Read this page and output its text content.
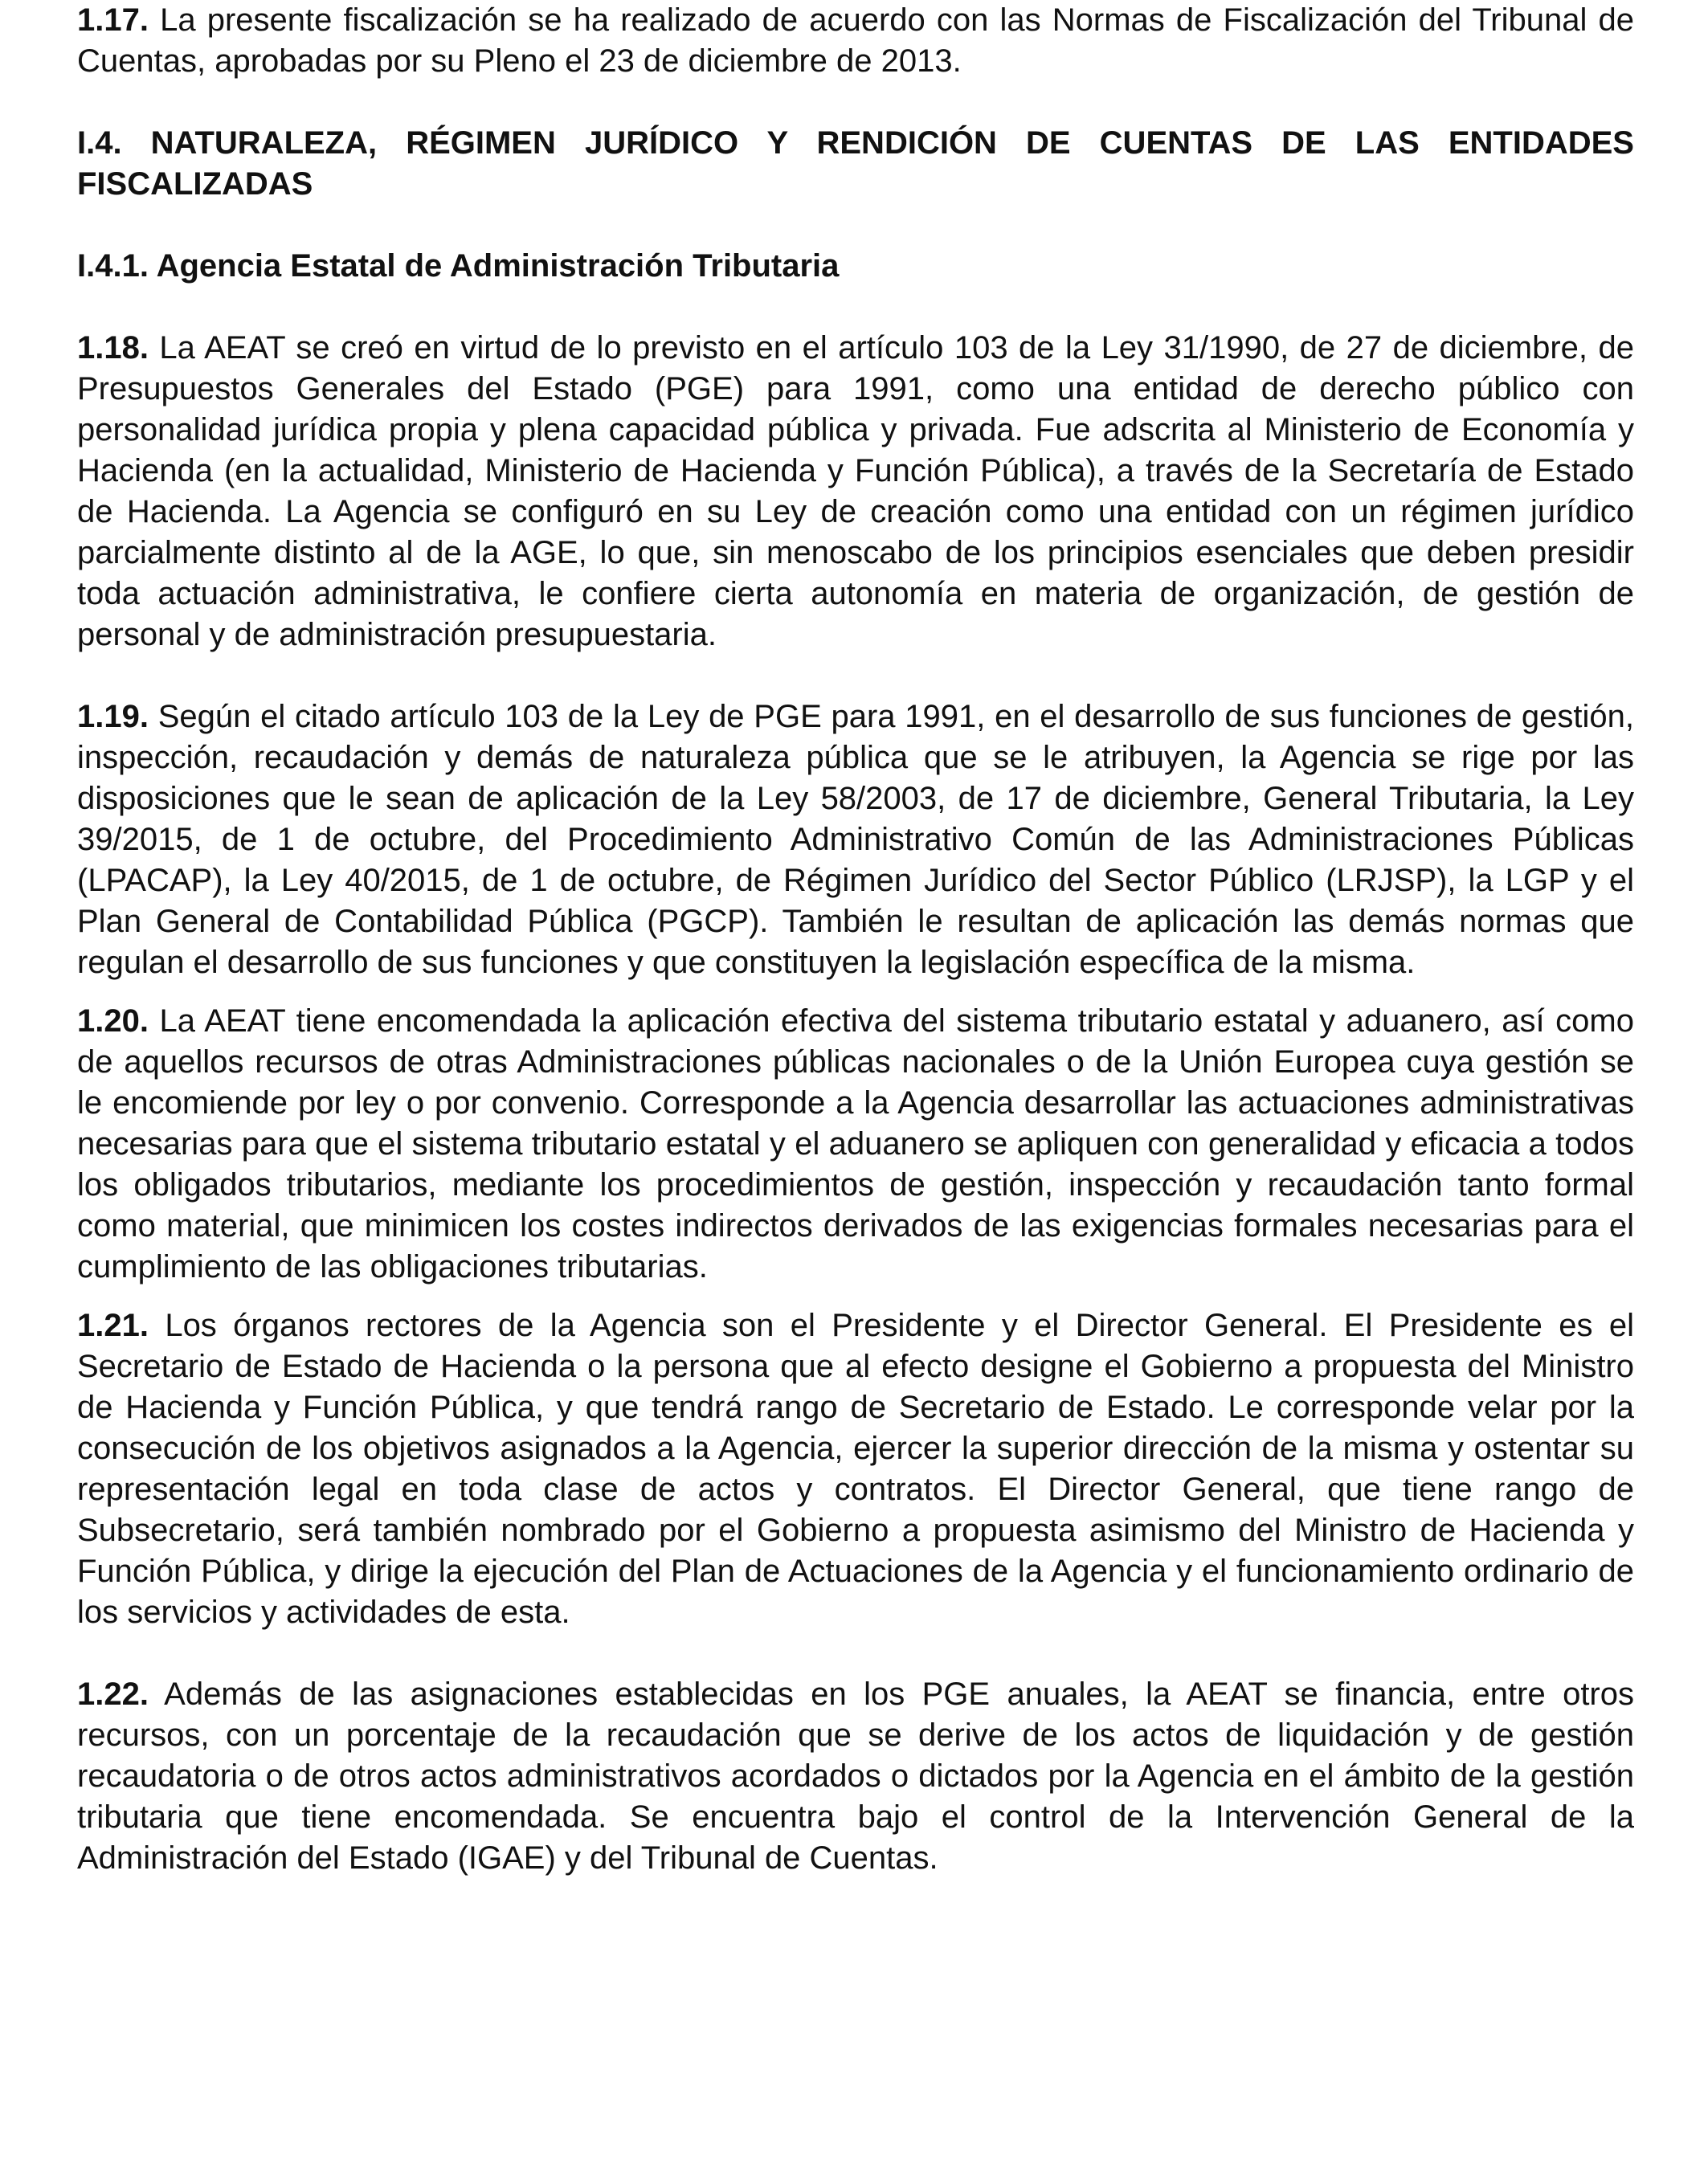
1.17. La presente fiscalización se ha realizado de acuerdo con las Normas de Fiscalización del Tribunal de Cuentas, aprobadas por su Pleno el 23 de diciembre de 2013.

I.4. NATURALEZA, RÉGIMEN JURÍDICO Y RENDICIÓN DE CUENTAS DE LAS ENTIDADES FISCALIZADAS

I.4.1. Agencia Estatal de Administración Tributaria

1.18. La AEAT se creó en virtud de lo previsto en el artículo 103 de la Ley 31/1990, de 27 de diciembre, de Presupuestos Generales del Estado (PGE) para 1991, como una entidad de derecho público con personalidad jurídica propia y plena capacidad pública y privada. Fue adscrita al Ministerio de Economía y Hacienda (en la actualidad, Ministerio de Hacienda y Función Pública), a través de la Secretaría de Estado de Hacienda. La Agencia se configuró en su Ley de creación como una entidad con un régimen jurídico parcialmente distinto al de la AGE, lo que, sin menoscabo de los principios esenciales que deben presidir toda actuación administrativa, le confiere cierta autonomía en materia de organización, de gestión de personal y de administración presupuestaria.

1.19. Según el citado artículo 103 de la Ley de PGE para 1991, en el desarrollo de sus funciones de gestión, inspección, recaudación y demás de naturaleza pública que se le atribuyen, la Agencia se rige por las disposiciones que le sean de aplicación de la Ley 58/2003, de 17 de diciembre, General Tributaria, la Ley 39/2015, de 1 de octubre, del Procedimiento Administrativo Común de las Administraciones Públicas (LPACAP), la Ley 40/2015, de 1 de octubre, de Régimen Jurídico del Sector Público (LRJSP), la LGP y el Plan General de Contabilidad Pública (PGCP). También le resultan de aplicación las demás normas que regulan el desarrollo de sus funciones y que constituyen la legislación específica de la misma.

1.20. La AEAT tiene encomendada la aplicación efectiva del sistema tributario estatal y aduanero, así como de aquellos recursos de otras Administraciones públicas nacionales o de la Unión Europea cuya gestión se le encomiende por ley o por convenio. Corresponde a la Agencia desarrollar las actuaciones administrativas necesarias para que el sistema tributario estatal y el aduanero se apliquen con generalidad y eficacia a todos los obligados tributarios, mediante los procedimientos de gestión, inspección y recaudación tanto formal como material, que minimicen los costes indirectos derivados de las exigencias formales necesarias para el cumplimiento de las obligaciones tributarias.

1.21. Los órganos rectores de la Agencia son el Presidente y el Director General. El Presidente es el Secretario de Estado de Hacienda o la persona que al efecto designe el Gobierno a propuesta del Ministro de Hacienda y Función Pública, y que tendrá rango de Secretario de Estado. Le corresponde velar por la consecución de los objetivos asignados a la Agencia, ejercer la superior dirección de la misma y ostentar su representación legal en toda clase de actos y contratos. El Director General, que tiene rango de Subsecretario, será también nombrado por el Gobierno a propuesta asimismo del Ministro de Hacienda y Función Pública, y dirige la ejecución del Plan de Actuaciones de la Agencia y el funcionamiento ordinario de los servicios y actividades de esta.

1.22. Además de las asignaciones establecidas en los PGE anuales, la AEAT se financia, entre otros recursos, con un porcentaje de la recaudación que se derive de los actos de liquidación y de gestión recaudatoria o de otros actos administrativos acordados o dictados por la Agencia en el ámbito de la gestión tributaria que tiene encomendada. Se encuentra bajo el control de la Intervención General de la Administración del Estado (IGAE) y del Tribunal de Cuentas.
